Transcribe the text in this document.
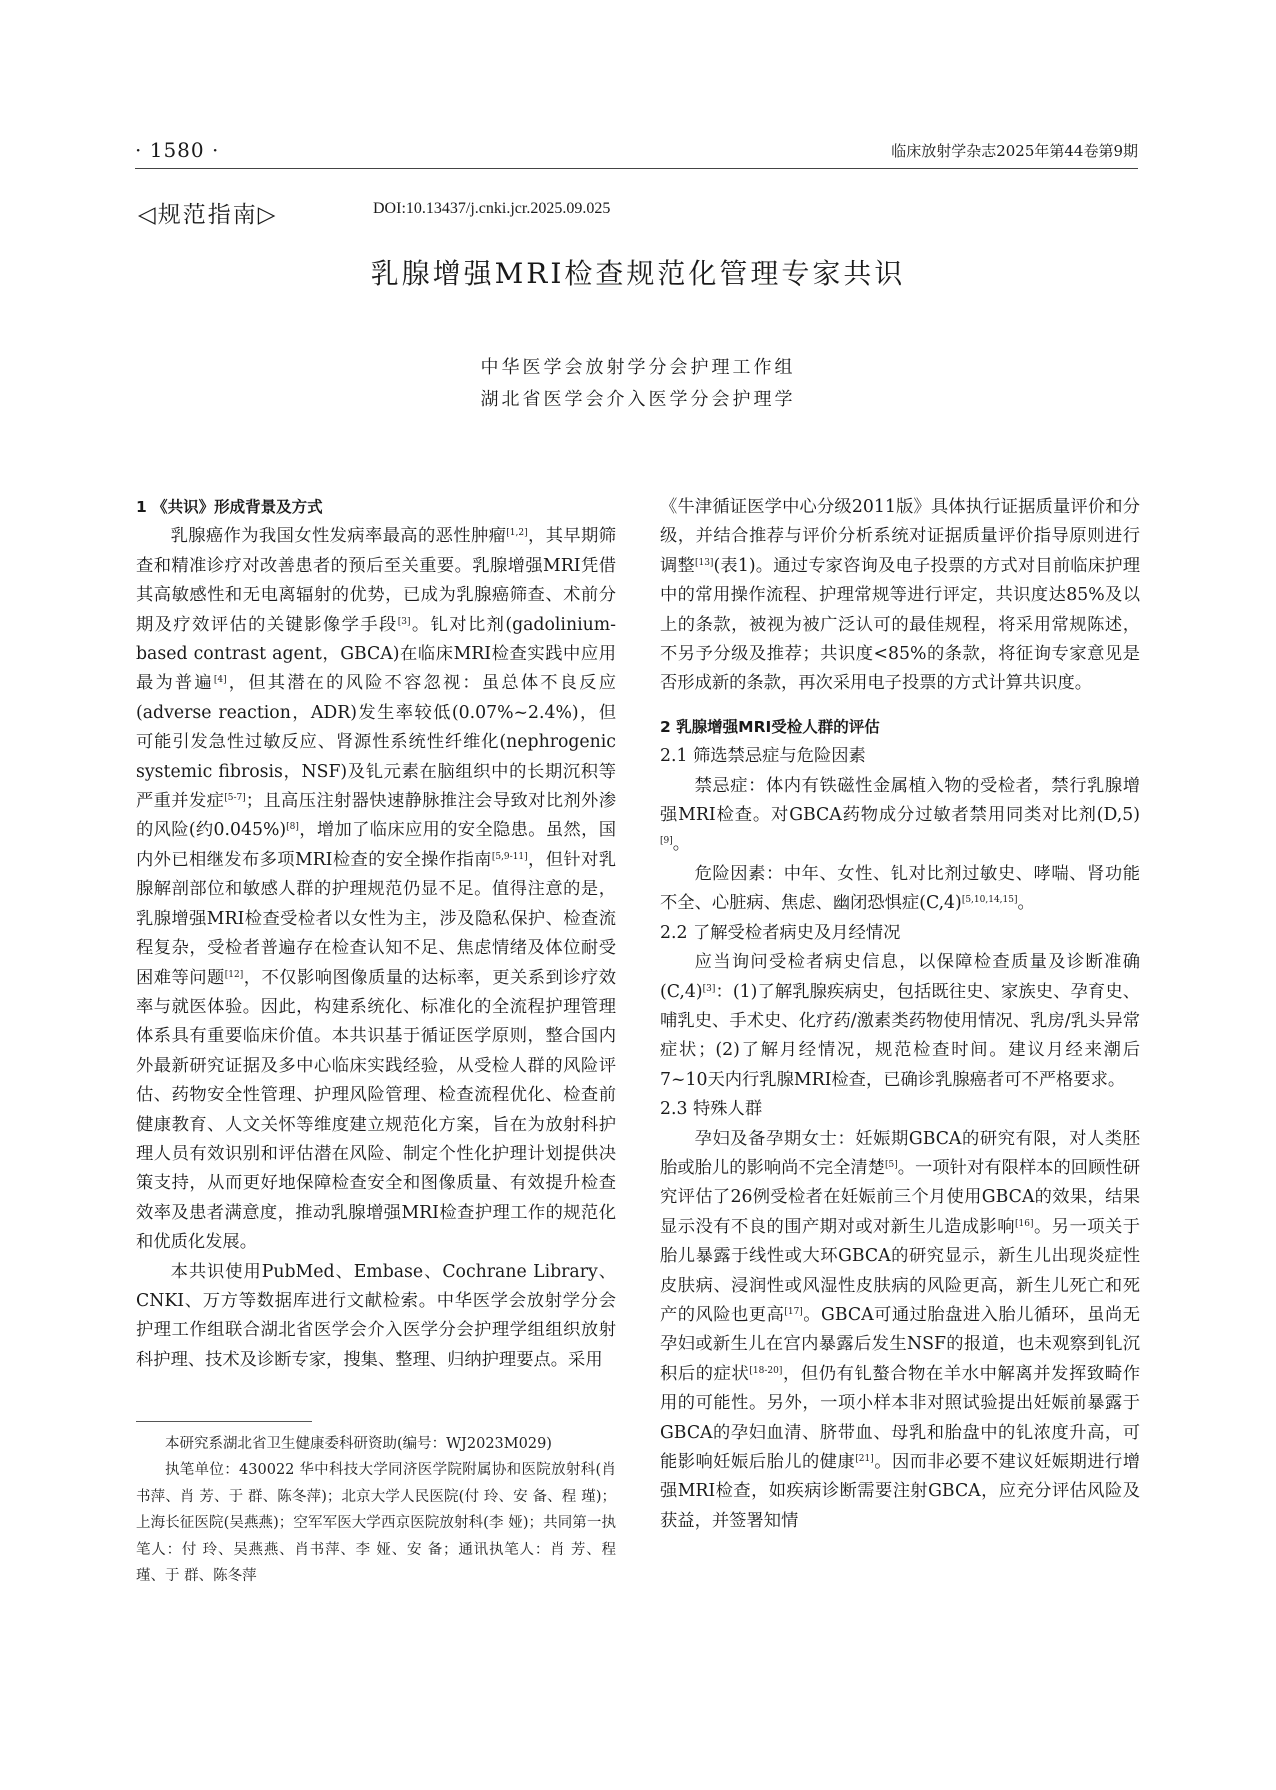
· 1580 ·	临床放射学杂志2025年第44卷第9期
◁规范指南▷	DOI:10.13437/j.cnki.jcr.2025.09.025
乳腺增强MRI检查规范化管理专家共识
中华医学会放射学分会护理工作组
湖北省医学会介入医学分会护理学

1 《共识》形成背景及方式

乳腺癌作为我国女性发病率最高的恶性肿瘤[1,2]，其早期筛查和精准诊疗对改善患者的预后至关重要。乳腺增强MRI凭借其高敏感性和无电离辐射的优势，已成为乳腺癌筛查、术前分期及疗效评估的关键影像学手段[3]。钆对比剂(gadolinium-based contrast agent，GBCA)在临床MRI检查实践中应用最为普遍[4]，但其潜在的风险不容忽视：虽总体不良反应(adverse reaction，ADR)发生率较低(0.07%~2.4%)，但可能引发急性过敏反应、肾源性系统性纤维化(nephrogenic systemic fibrosis，NSF)及钆元素在脑组织中的长期沉积等严重并发症[5-7]；且高压注射器快速静脉推注会导致对比剂外渗的风险(约0.045%)[8]，增加了临床应用的安全隐患。虽然，国内外已相继发布多项MRI检查的安全操作指南[5,9-11]，但针对乳腺解剖部位和敏感人群的护理规范仍显不足。值得注意的是，乳腺增强MRI检查受检者以女性为主，涉及隐私保护、检查流程复杂，受检者普遍存在检查认知不足、焦虑情绪及体位耐受困难等问题[12]，不仅影响图像质量的达标率，更关系到诊疗效率与就医体验。因此，构建系统化、标准化的全流程护理管理体系具有重要临床价值。本共识基于循证医学原则，整合国内外最新研究证据及多中心临床实践经验，从受检人群的风险评估、药物安全性管理、护理风险管理、检查流程优化、检查前健康教育、人文关怀等维度建立规范化方案，旨在为放射科护理人员有效识别和评估潜在风险、制定个性化护理计划提供决策支持，从而更好地保障检查安全和图像质量、有效提升检查效率及患者满意度，推动乳腺增强MRI检查护理工作的规范化和优质化发展。

本共识使用PubMed、Embase、Cochrane Library、CNKI、万方等数据库进行文献检索。中华医学会放射学分会护理工作组联合湖北省医学会介入医学分会护理学组组织放射科护理、技术及诊断专家，搜集、整理、归纳护理要点。采用

本研究系湖北省卫生健康委科研资助(编号：WJ2023M029)

执笔单位：430022 华中科技大学同济医学院附属协和医院放射科(肖书萍、肖 芳、于 群、陈冬萍)；北京大学人民医院(付 玲、安 备、程 瑾)；上海长征医院(吴燕燕)；空军军医大学西京医院放射科(李 娅)；共同第一执笔人：付 玲、吴燕燕、肖书萍、李 娅、安 备；通讯执笔人：肖 芳、程 瑾、于 群、陈冬萍

《牛津循证医学中心分级2011版》具体执行证据质量评价和分级，并结合推荐与评价分析系统对证据质量评价指导原则进行调整[13](表1)。通过专家咨询及电子投票的方式对目前临床护理中的常用操作流程、护理常规等进行评定，共识度达85%及以上的条款，被视为被广泛认可的最佳规程，将采用常规陈述，不另予分级及推荐；共识度<85%的条款，将征询专家意见是否形成新的条款，再次采用电子投票的方式计算共识度。

2 乳腺增强MRI受检人群的评估

2.1 筛选禁忌症与危险因素

禁忌症：体内有铁磁性金属植入物的受检者，禁行乳腺增强MRI检查。对GBCA药物成分过敏者禁用同类对比剂(D,5)[9]。

危险因素：中年、女性、钆对比剂过敏史、哮喘、肾功能不全、心脏病、焦虑、幽闭恐惧症(C,4)[5,10,14,15]。

2.2 了解受检者病史及月经情况

应当询问受检者病史信息，以保障检查质量及诊断准确(C,4)[3]：(1)了解乳腺疾病史，包括既往史、家族史、孕育史、哺乳史、手术史、化疗药/激素类药物使用情况、乳房/乳头异常症状；(2)了解月经情况，规范检查时间。建议月经来潮后7~10天内行乳腺MRI检查，已确诊乳腺癌者可不严格要求。

2.3 特殊人群

孕妇及备孕期女士：妊娠期GBCA的研究有限，对人类胚胎或胎儿的影响尚不完全清楚[5]。一项针对有限样本的回顾性研究评估了26例受检者在妊娠前三个月使用GBCA的效果，结果显示没有不良的围产期对或对新生儿造成影响[16]。另一项关于胎儿暴露于线性或大环GBCA的研究显示，新生儿出现炎症性皮肤病、浸润性或风湿性皮肤病的风险更高，新生儿死亡和死产的风险也更高[17]。GBCA可通过胎盘进入胎儿循环，虽尚无孕妇或新生儿在宫内暴露后发生NSF的报道，也未观察到钆沉积后的症状[18-20]，但仍有钆螯合物在羊水中解离并发挥致畸作用的可能性。另外，一项小样本非对照试验提出妊娠前暴露于GBCA的孕妇血清、脐带血、母乳和胎盘中的钆浓度升高，可能影响妊娠后胎儿的健康[21]。因而非必要不建议妊娠期进行增强MRI检查，如疾病诊断需要注射GBCA，应充分评估风险及获益，并签署知情
